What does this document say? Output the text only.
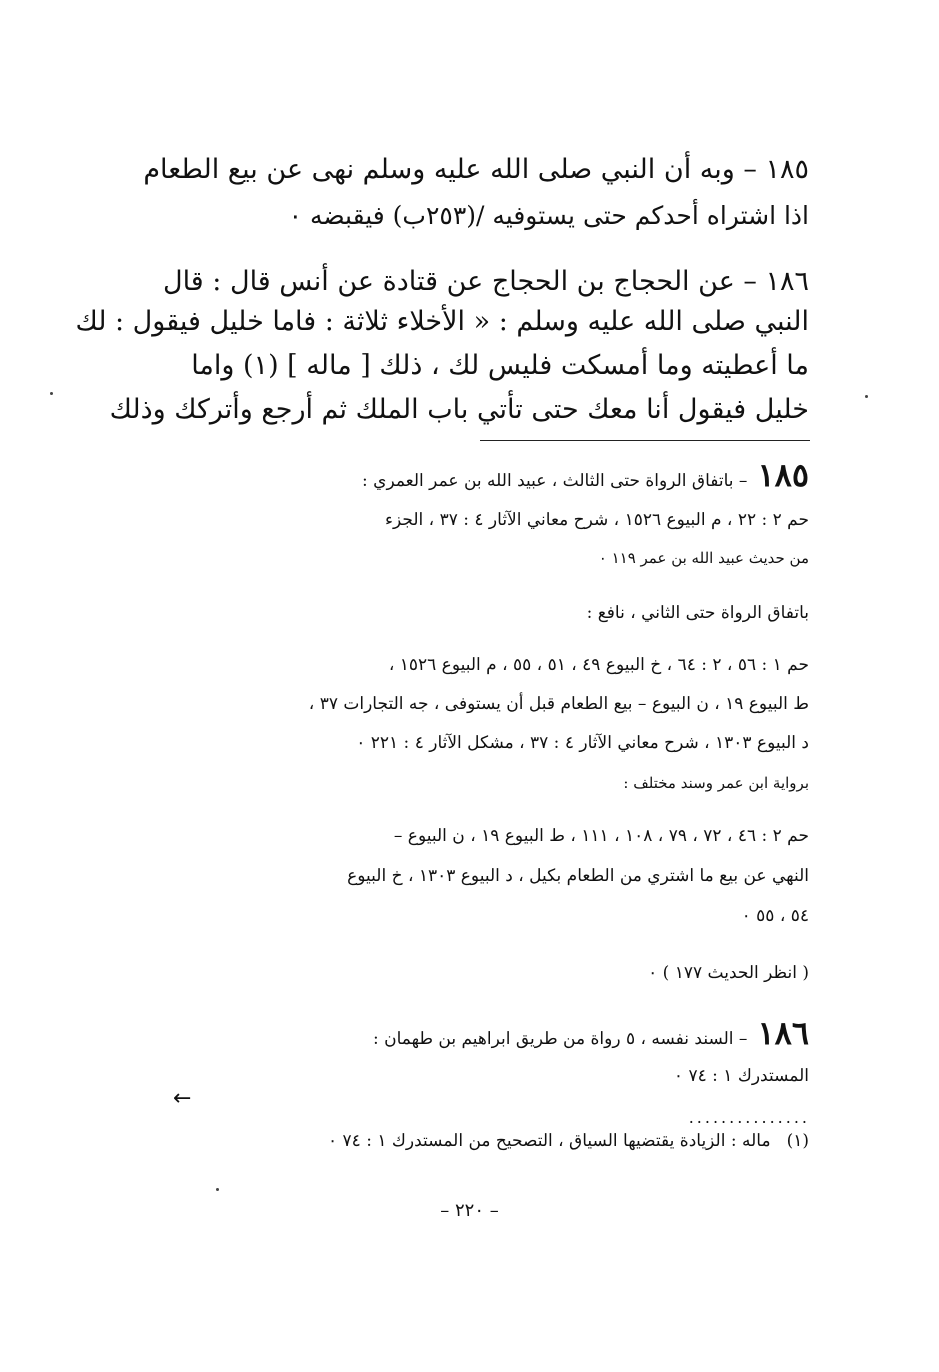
١٨٥ – وبه أن النبي صلى الله عليه وسلم نهى عن بيع الطعام
اذا اشتراه أحدكم حتى يستوفيه /(٢٥٣ب) فيقبضه ٠
١٨٦ – عن الحجاج بن الحجاج عن قتادة عن أنس قال : قال
النبي صلى الله عليه وسلم : « الأخلاء ثلاثة : فاما خليل فيقول : لك
ما أعطيته وما أمسكت فليس لك ، ذلك [ ماله ] (١) واما
خليل فيقول أنا معك حتى تأتي باب الملك ثم أرجع وأتركك وذلك
١٨٥– باتفاق الرواة حتى الثالث ، عبيد الله بن عمر العمري :
حم ٢ : ٢٢ ، م البيوع ١٥٢٦ ، شرح معاني الآثار ٤ : ٣٧ ، الجزء
من حديث عبيد الله بن عمر ١١٩ ٠
باتفاق الرواة حتى الثاني ، نافع :
حم ١ : ٥٦ ، ٢ : ٦٤ ، خ البيوع ٤٩ ، ٥١ ، ٥٥ ، م البيوع ١٥٢٦ ،
ط البيوع ١٩ ، ن البيوع – بيع الطعام قبل أن يستوفى ، جه التجارات ٣٧ ،
د البيوع ١٣٠٣ ، شرح معاني الآثار ٤ : ٣٧ ، مشكل الآثار ٤ : ٢٢١ ٠
برواية ابن عمر وسند مختلف :
حم ٢ : ٤٦ ، ٧٢ ، ٧٩ ، ١٠٨ ، ١١١ ، ط البيوع ١٩ ، ن البيوع –
النهي عن بيع ما اشتري من الطعام بكيل ، د البيوع ١٣٠٣ ، خ البيوع
٥٤ ، ٥٥ ٠
( انظر الحديث ١٧٧ ) ٠
١٨٦– السند نفسه ، ٥ رواة من طريق ابراهيم بن طهمان :
المستدرك ١ : ٧٤ ٠
←
...............
(١)ماله : الزيادة يقتضيها السياق ، التصحيح من المستدرك ١ : ٧٤ ٠
– ٢٢٠ –
